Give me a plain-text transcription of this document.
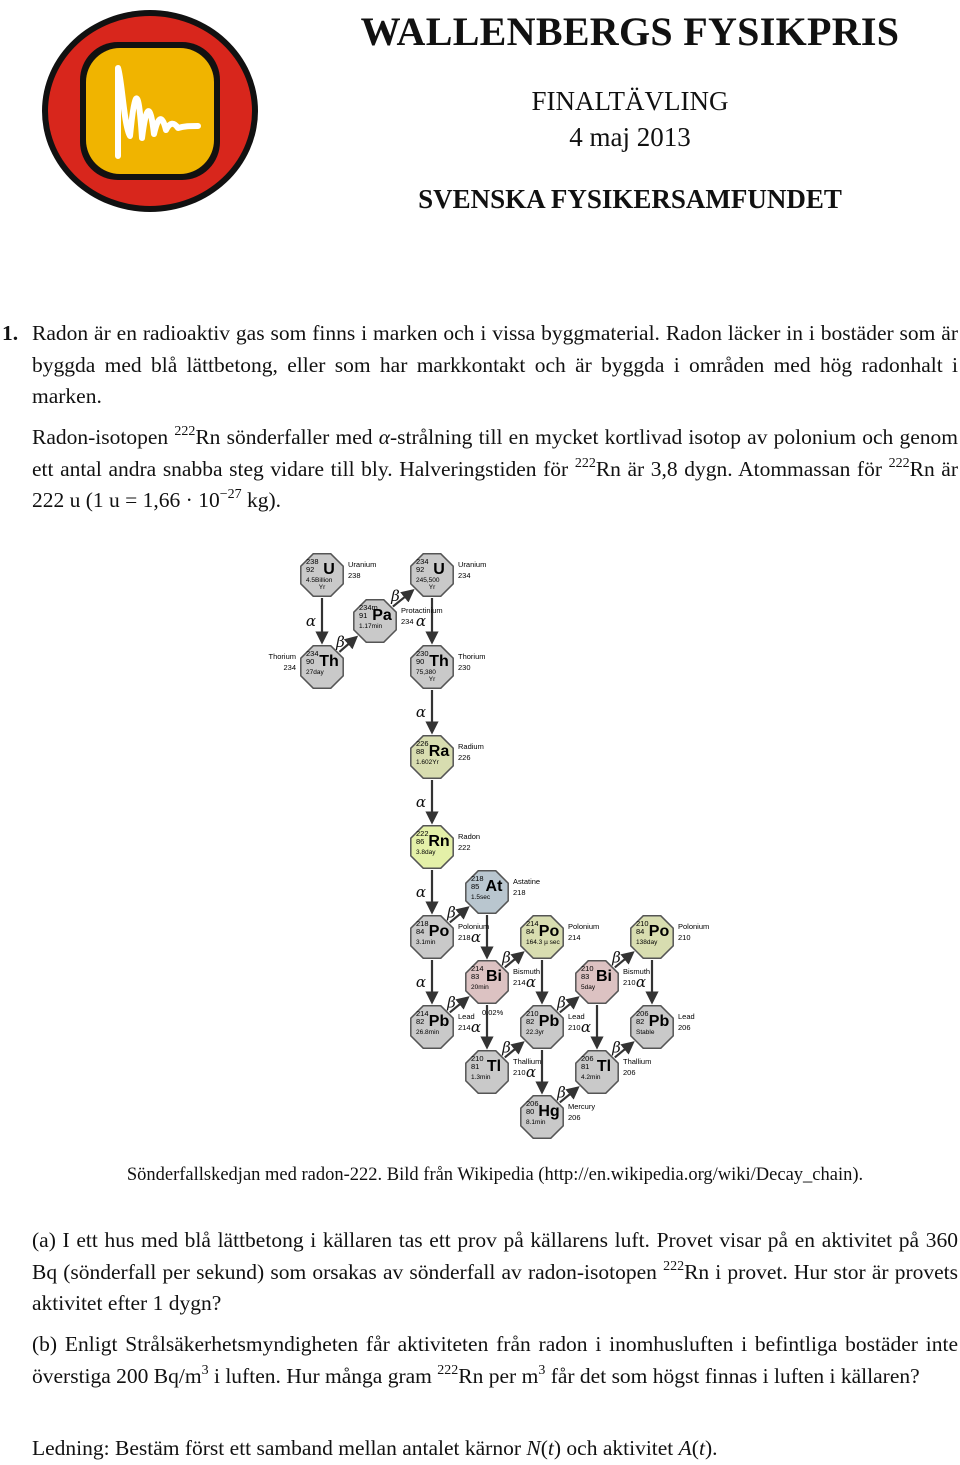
WALLENBERGS FYSIKPRIS
FINALTÄVLING
4 maj 2013
SVENSKA FYSIKERSAMFUNDET
1. Radon är en radioaktiv gas som finns i marken och i vissa byggmaterial. Radon läcker in i bostäder som är byggda med blå lättbetong, eller som har markkontakt och är byggda i områden med hög radonhalt i marken.
Radon-isotopen $^{222}$Rn sönderfaller med α-strålning till en mycket kortlivad isotop av polonium och genom ett antal andra snabba steg vidare till bly. Halveringstiden för $^{222}$Rn är 3,8 dygn. Atommassan för $^{222}$Rn är 222 u (1 $u = 1,66 \cdot 10^{-27}$ kg).
α
β
β
α
α
α
α
α
β
α
β
β
α
α
β
β
α
β
α
α
β
β
238
92 U
4.5Billion
Yr
Uranium
238
234
92 U
245,500
Yr
Uranium
234
234m
91 Pa
1.17min
Protactinium
234
234
90 Th
27day
Thorium
234
230
90 Th
75,380
Yr
Thorium
230
226
88 Ra
1.602Yr
Radium
226
222
86 Rn
3.8day
Radon
222
218
85 At
1.5sec
Astatine
218
218
84 Po
3.1min
Polonium
218
214
84 Po
164.3 µ sec
Polonium
214
210
84 Po
138day
Polonium
210
214
83 Bi
20min
Bismuth
214
210
83 Bi
5day
Bismuth
210
214
82 Pb
26.8min
Lead
214
210
82 Pb
22.3yr
Lead
210
206
82 Pb
Stable
Lead
206
210
81 Tl
1.3min
Thallium
210
206
81 Tl
4.2min
Thallium
206
206
80 Hg
8.1min
Mercury
206
0.02%
Sönderfallskedjan med radon-222. Bild från Wikipedia (http://en.wikipedia.org/wiki/Decay_chain).
(a) I ett hus med blå lättbetong i källaren tas ett prov på källarens luft. Provet visar på en aktivitet på 360 Bq (sönderfall per sekund) som orsakas av sönderfall av radon-isotopen $^{222}$Rn i provet. Hur stor är provets aktivitet efter 1 dygn?
(b) Enligt Strålsäkerhetsmyndigheten får aktiviteten från radon i inomhusluften i befintliga bostäder inte överstiga 200 $Bq/m^3$ i luften. Hur många gram $^{222}$Rn per $m^3$ får det som högst finnas i luften i källaren?
Ledning: Bestäm först ett samband mellan antalet kärnor N(t) och aktivitet A(t).
